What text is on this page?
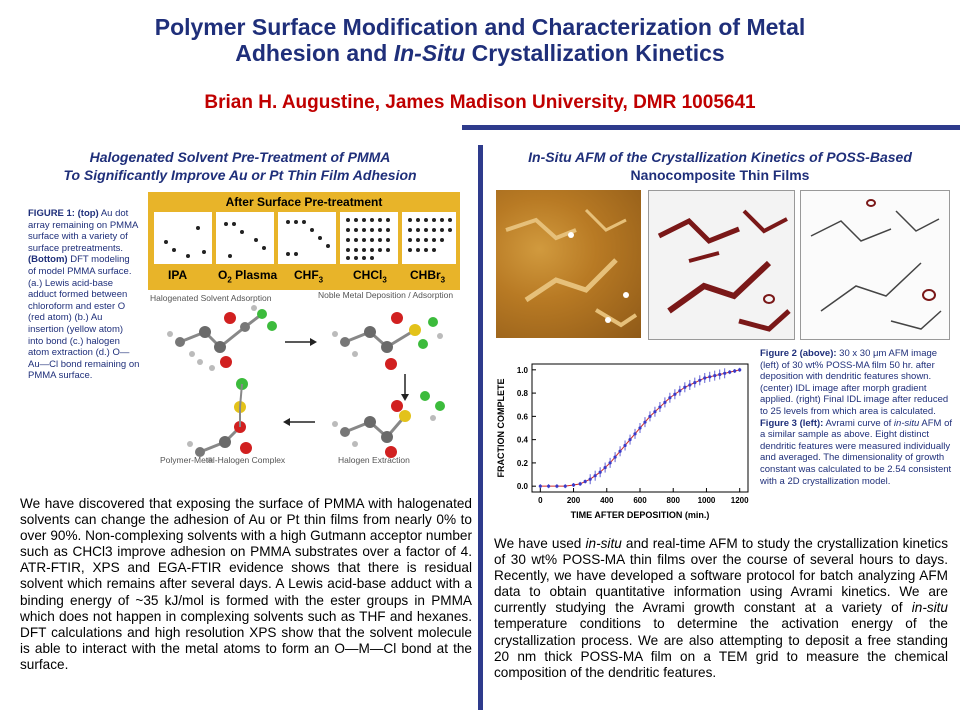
Polymer Surface Modification and Characterization of Metal
Adhesion and In-Situ Crystallization Kinetics
Brian H. Augustine, James Madison University, DMR 1005641
Halogenated Solvent Pre-Treatment of PMMA
To Significantly Improve Au or Pt Thin Film Adhesion
FIGURE 1: (top) Au dot array remaining on PMMA surface with a variety of surface pretreatments. (Bottom) DFT modeling of model PMMA surface. (a.) Lewis acid-base adduct formed between chloroform and ester O (red atom) (b.) Au insertion (yellow atom) into bond (c.) halogen atom extraction (d.) O—Au—Cl bond remaining on PMMA surface.
After Surface Pre-treatment
IPA	$O_2$ Plasma $CHF_3$ CHCl$_3$ CHBr$_3$
Halogenated Solvent Adsorption	Noble Metal Deposition / Adsorption
Polymer-Metal-Halogen Complex	Halogen Extraction
We have discovered that exposing the surface of PMMA with halogenated solvents can change the adhesion of Au or Pt thin films from nearly 0% to over 90%. Non-complexing solvents with a high Gutmann acceptor number such as CHCl3 improve adhesion on PMMA substrates over a factor of 4. ATR-FTIR, XPS and EGA-FTIR evidence shows that there is residual solvent which remains after several days. A Lewis acid-base adduct with a binding energy of ~35 kJ/mol is formed with the ester groups in PMMA which does not happen in complexing solvents such as THF and hexanes. DFT calculations and high resolution XPS show that the solvent molecule is able to interact with the metal atoms to form an O—M—Cl bond at the surface.
In-Situ AFM of the Crystallization Kinetics of POSS-Based
Nanocomposite Thin Films
0	200 400 600 800 1000 1200
0.0
0.2
0.4
0.6
0.8
1.0
TIME AFTER DEPOSITION (min.)
FRACTION COMPLETE
Figure 2 (above): 30 x 30 μm AFM image (left) of 30 wt% POSS-MA film 50 hr. after deposition with dendritic features shown. (center) IDL image after morph gradient applied. (right) Final IDL image after reduced to 25 levels from which area is calculated. Figure 3 (left): Avrami curve of in-situ AFM of a similar sample as above. Eight distinct dendritic features were measured individually and averaged. The dimensionality of growth constant was calculated to be 2.54 consistent with a 2D crystallization model.
We have used in-situ and real-time AFM to study the crystallization kinetics of 30 wt% POSS-MA thin films over the course of several hours to days. Recently, we have developed a software protocol for batch analyzing AFM data to obtain quantitative information using Avrami kinetics. We are currently studying the Avrami growth constant at a variety of in-situ temperature conditions to determine the activation energy of the crystallization process. We are also attempting to deposit a free standing 20 nm thick POSS-MA film on a TEM grid to measure the chemical composition of the dendritic features.
